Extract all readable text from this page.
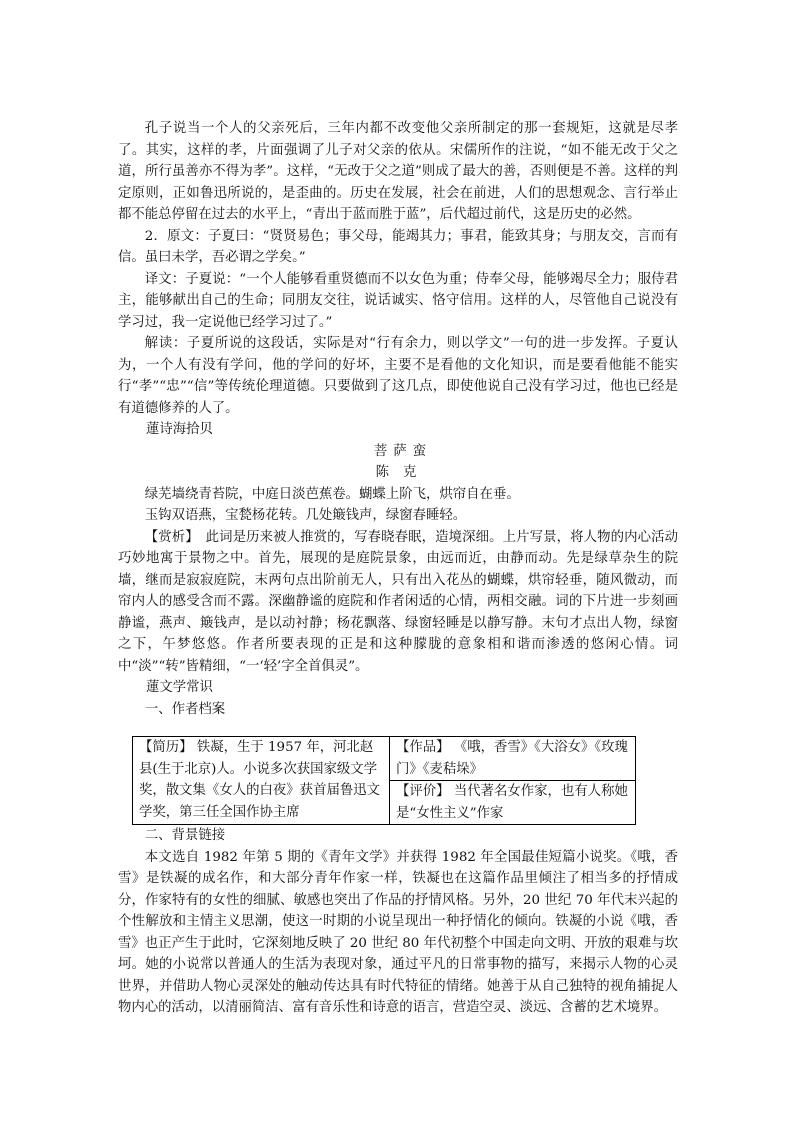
孔子说当一个人的父亲死后，三年内都不改变他父亲所制定的那一套规矩，这就是尽孝了。其实，这样的孝，片面强调了儿子对父亲的依从。宋儒所作的注说，“如不能无改于父之道，所行虽善亦不得为孝”。这样，“无改于父之道”则成了最大的善，否则便是不善。这样的判定原则，正如鲁迅所说的，是歪曲的。历史在发展，社会在前进，人们的思想观念、言行举止都不能总停留在过去的水平上，“青出于蓝而胜于蓝”，后代超过前代，这是历史的必然。

2．原文：子夏曰：“贤贤易色；事父母，能竭其力；事君，能致其身；与朋友交，言而有信。虽曰未学，吾必谓之学矣。”

译文：子夏说：“一个人能够看重贤德而不以女色为重；侍奉父母，能够竭尽全力；服侍君主，能够献出自己的生命；同朋友交往，说话诚实、恪守信用。这样的人，尽管他自己说没有学习过，我一定说他已经学习过了。”

解读：子夏所说的这段话，实际是对“行有余力，则以学文”一句的进一步发挥。子夏认为，一个人有没有学问，他的学问的好坏，主要不是看他的文化知识，而是要看他能不能实行“孝”“忠”“信”等传统伦理道德。只要做到了这几点，即使他说自己没有学习过，他也已经是有道德修养的人了。

蓮诗海拾贝

菩萨蛮

陈克

绿芜墙绕青苔院，中庭日淡芭蕉卷。蝴蝶上阶飞，烘帘自在垂。

玉钩双语燕，宝甃杨花转。几处簸钱声，绿窗春睡轻。

【赏析】　此词是历来被人推赏的，写春晓春眠，造境深细。上片写景，将人物的内心活动巧妙地寓于景物之中。首先，展现的是庭院景象，由远而近，由静而动。先是绿草杂生的院墙，继而是寂寂庭院，末两句点出阶前无人，只有出入花丛的蝴蝶，烘帘轻垂，随风微动，而帘内人的感受含而不露。深幽静谧的庭院和作者闲适的心情，两相交融。词的下片进一步刻画静谧，燕声、簸钱声，是以动衬静；杨花飘落、绿窗轻睡是以静写静。末句才点出人物，绿窗之下，午梦悠悠。作者所要表现的正是和这种朦胧的意象相和谐而渗透的悠闲心情。词中“淡”“转”皆精细，“一‘轻’字全首俱灵”。

蓮文学常识

一、作者档案

【简历】 铁凝，生于 1957 年，河北赵县(生于北京)人。小说多次获国家级文学奖，散文集《女人的白夜》获首届鲁迅文学奖，第三任全国作协主席	【作品】 《哦，香雪》《大浴女》《玫瑰门》《麦秸垛》
【评价】 当代著名女作家，也有人称她是“女性主义”作家

二、背景链接

本文选自 1982 年第 5 期的《青年文学》并获得 1982 年全国最佳短篇小说奖。《哦，香雪》是铁凝的成名作，和大部分青年作家一样，铁凝也在这篇作品里倾注了相当多的抒情成分，作家特有的女性的细腻、敏感也突出了作品的抒情风格。另外，20 世纪 70 年代末兴起的个性解放和主情主义思潮，使这一时期的小说呈现出一种抒情化的倾向。铁凝的小说《哦，香雪》也正产生于此时，它深刻地反映了 20 世纪 80 年代初整个中国走向文明、开放的艰难与坎坷。她的小说常以普通人的生活为表现对象，通过平凡的日常事物的描写，来揭示人物的心灵世界，并借助人物心灵深处的触动传达具有时代特征的情绪。她善于从自己独特的视角捕捉人物内心的活动，以清丽简洁、富有音乐性和诗意的语言，营造空灵、淡远、含蓄的艺术境界。
